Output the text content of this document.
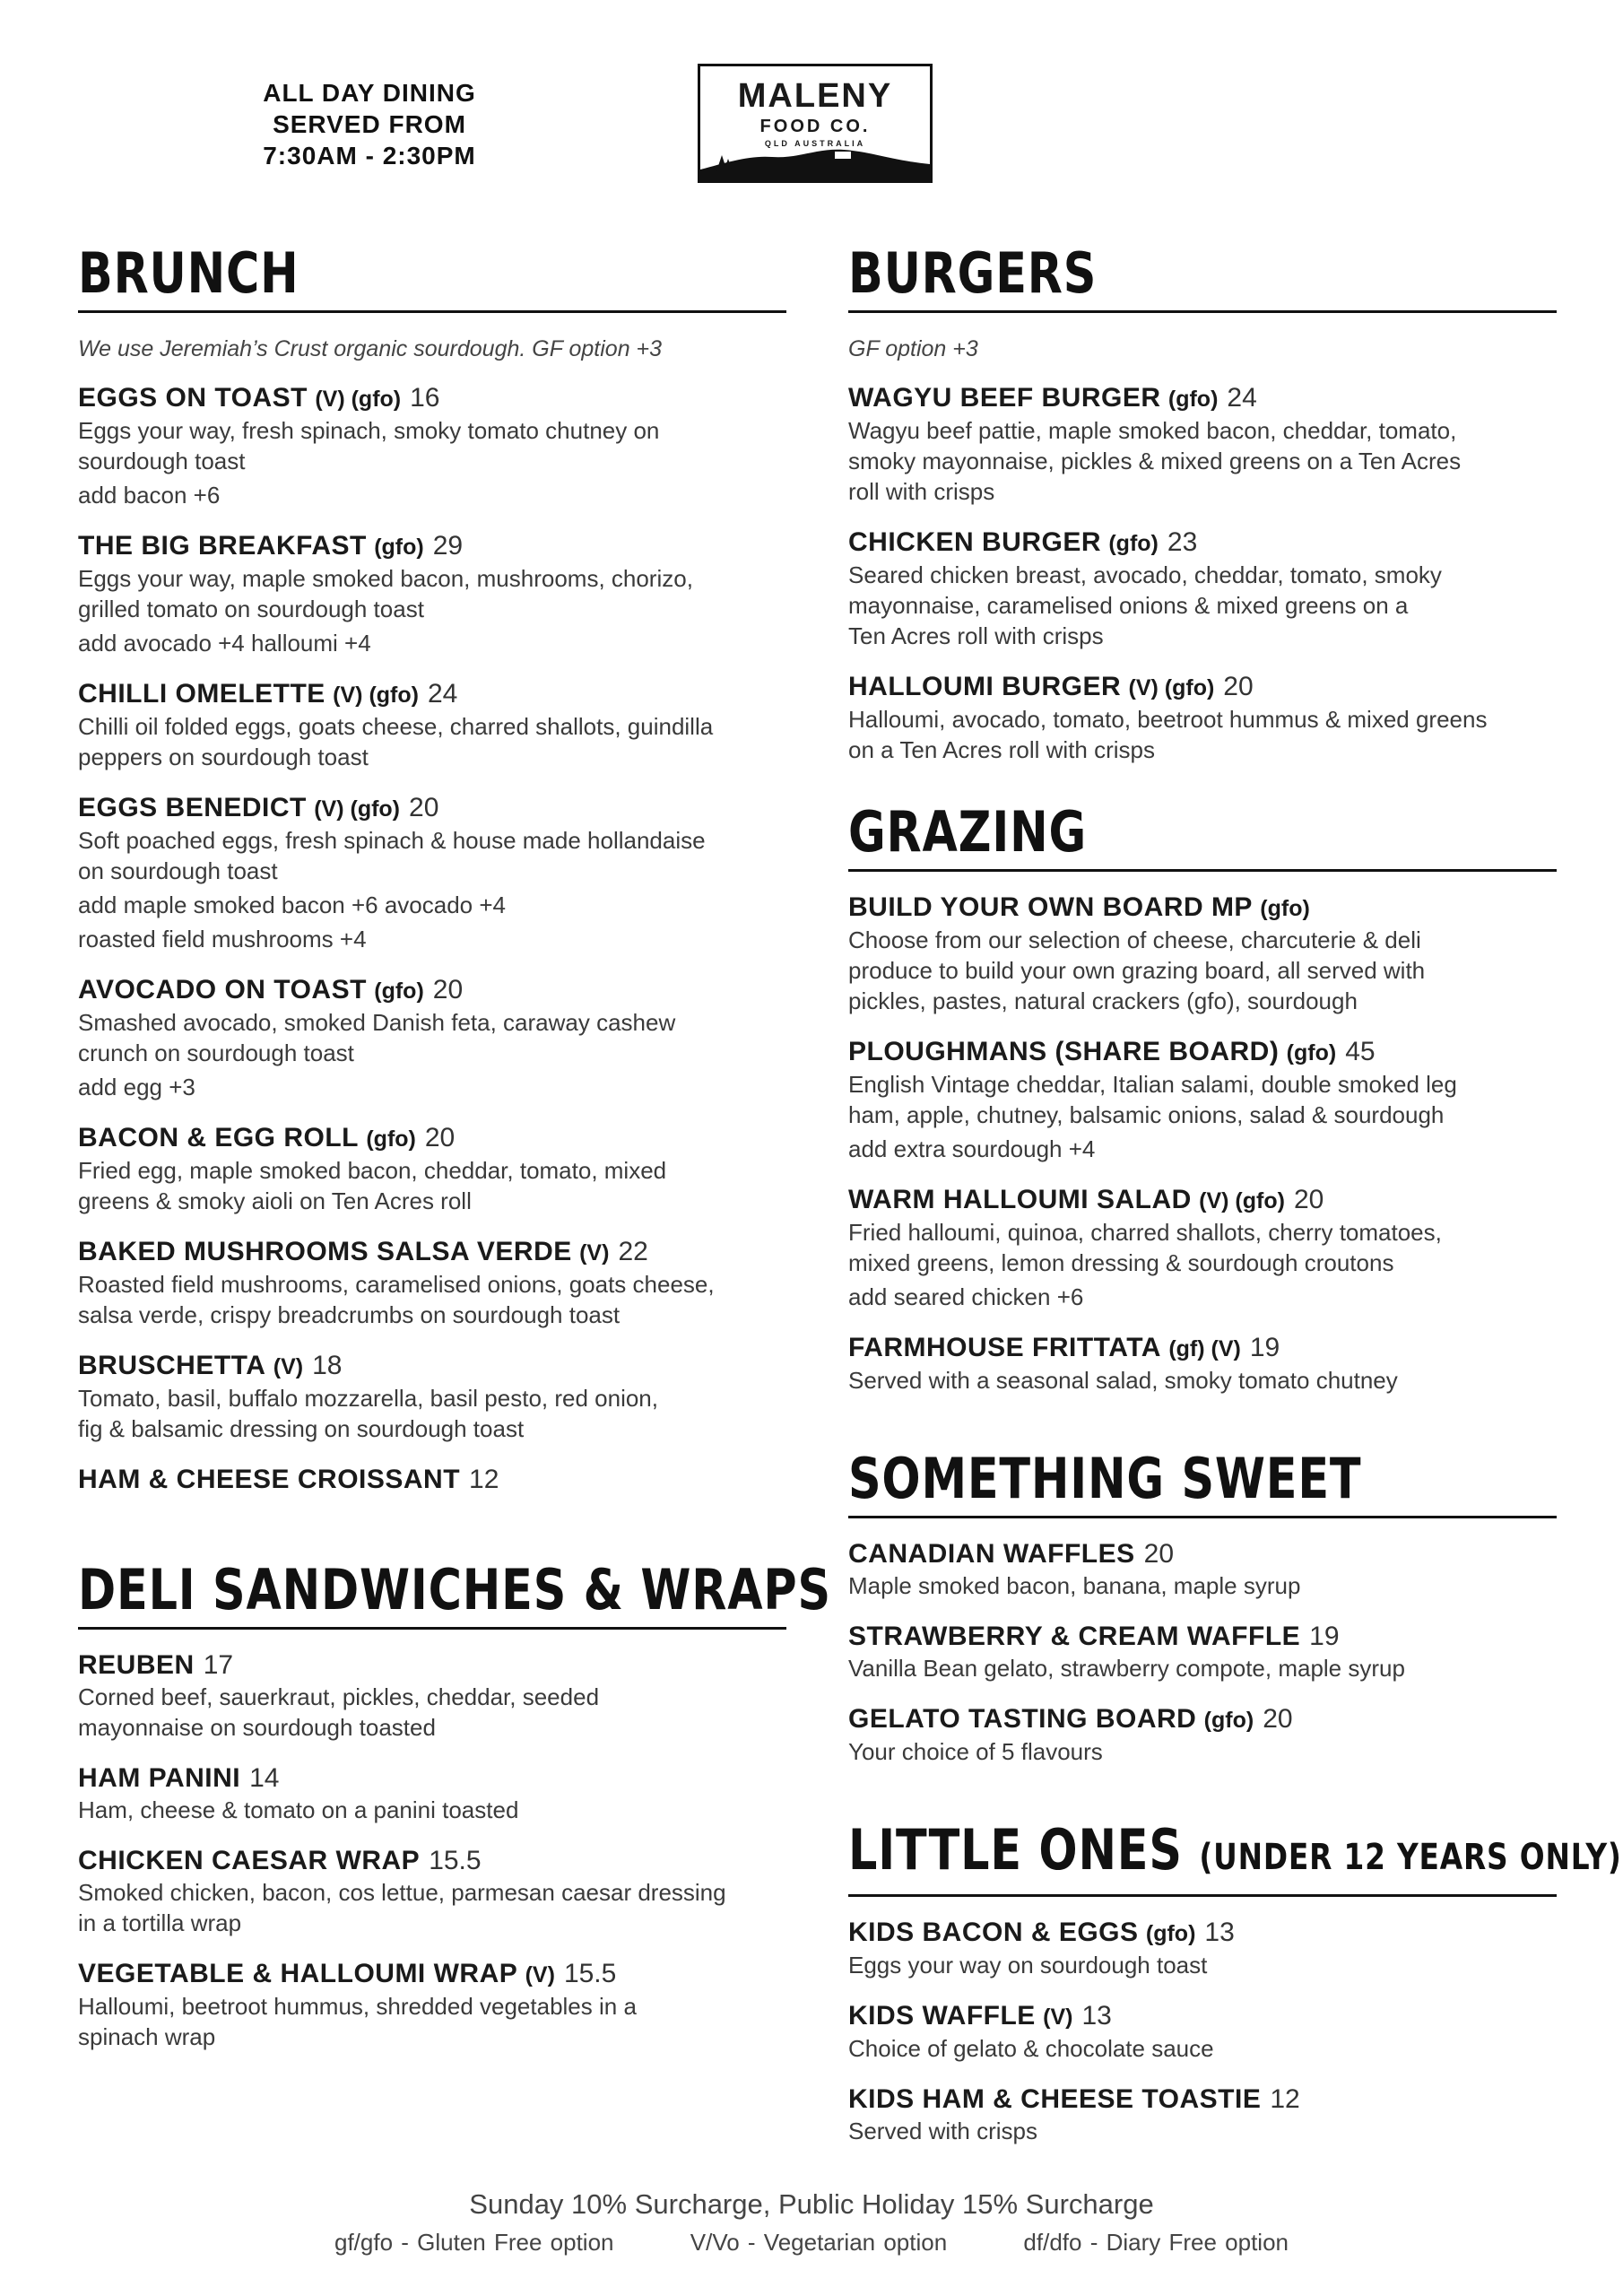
ALL DAY DINING
SERVED FROM
7:30AM - 2:30PM
MALENY
FOOD CO.
QLD AUSTRALIA
BRUNCH
We use Jeremiah’s Crust organic sourdough. GF option +3
EGGS ON TOAST (V) (gfo) 16
Eggs your way, fresh spinach, smoky tomato chutney on
sourdough toast
add bacon +6
THE BIG BREAKFAST (gfo) 29
Eggs your way, maple smoked bacon, mushrooms, chorizo,
grilled tomato on sourdough toast
add avocado +4 halloumi +4
CHILLI OMELETTE (V) (gfo) 24
Chilli oil folded eggs, goats cheese, charred shallots, guindilla
peppers on sourdough toast
EGGS BENEDICT (V) (gfo) 20
Soft poached eggs, fresh spinach & house made hollandaise
on sourdough toast
add maple smoked bacon +6 avocado +4
roasted field mushrooms +4
AVOCADO ON TOAST (gfo) 20
Smashed avocado, smoked Danish feta, caraway cashew
crunch on sourdough toast
add egg +3
BACON & EGG ROLL (gfo) 20
Fried egg, maple smoked bacon, cheddar, tomato, mixed
greens & smoky aioli on Ten Acres roll
BAKED MUSHROOMS SALSA VERDE (V) 22
Roasted field mushrooms, caramelised onions, goats cheese,
salsa verde, crispy breadcrumbs on sourdough toast
BRUSCHETTA (V) 18
Tomato, basil, buffalo mozzarella, basil pesto, red onion,
fig & balsamic dressing on sourdough toast
HAM & CHEESE CROISSANT 12
DELI SANDWICHES & WRAPS
REUBEN 17
Corned beef, sauerkraut, pickles, cheddar, seeded
mayonnaise on sourdough toasted
HAM PANINI 14
Ham, cheese & tomato on a panini toasted
CHICKEN CAESAR WRAP 15.5
Smoked chicken, bacon, cos lettue, parmesan caesar dressing
in a tortilla wrap
VEGETABLE & HALLOUMI WRAP (V) 15.5
Halloumi, beetroot hummus, shredded vegetables in a
spinach wrap
BURGERS
GF option +3
WAGYU BEEF BURGER (gfo) 24
Wagyu beef pattie, maple smoked bacon, cheddar, tomato,
smoky mayonnaise, pickles & mixed greens on a Ten Acres
roll with crisps
CHICKEN BURGER (gfo) 23
Seared chicken breast, avocado, cheddar, tomato, smoky
mayonnaise, caramelised onions & mixed greens on a
Ten Acres roll with crisps
HALLOUMI BURGER (V) (gfo) 20
Halloumi, avocado, tomato, beetroot hummus & mixed greens
on a Ten Acres roll with crisps
GRAZING
BUILD YOUR OWN BOARD MP (gfo)
Choose from our selection of cheese, charcuterie & deli
produce to build your own grazing board, all served with
pickles, pastes, natural crackers (gfo), sourdough
PLOUGHMANS (SHARE BOARD) (gfo) 45
English Vintage cheddar, Italian salami, double smoked leg
ham, apple, chutney, balsamic onions, salad & sourdough
add extra sourdough +4
WARM HALLOUMI SALAD (V) (gfo) 20
Fried halloumi, quinoa, charred shallots, cherry tomatoes,
mixed greens, lemon dressing & sourdough croutons
add seared chicken +6
FARMHOUSE FRITTATA (gf) (V) 19
Served with a seasonal salad, smoky tomato chutney
SOMETHING SWEET
CANADIAN WAFFLES 20
Maple smoked bacon, banana, maple syrup
STRAWBERRY & CREAM WAFFLE 19
Vanilla Bean gelato, strawberry compote, maple syrup
GELATO TASTING BOARD (gfo) 20
Your choice of 5 flavours
LITTLE ONES (UNDER 12 YEARS ONLY)
KIDS BACON & EGGS (gfo) 13
Eggs your way on sourdough toast
KIDS WAFFLE (V) 13
Choice of gelato & chocolate sauce
KIDS HAM & CHEESE TOASTIE 12
Served with crisps
Sunday 10% Surcharge, Public Holiday 15% Surcharge
gf/gfo - Gluten Free option	V/Vo - Vegetarian option	df/dfo - Diary Free option
